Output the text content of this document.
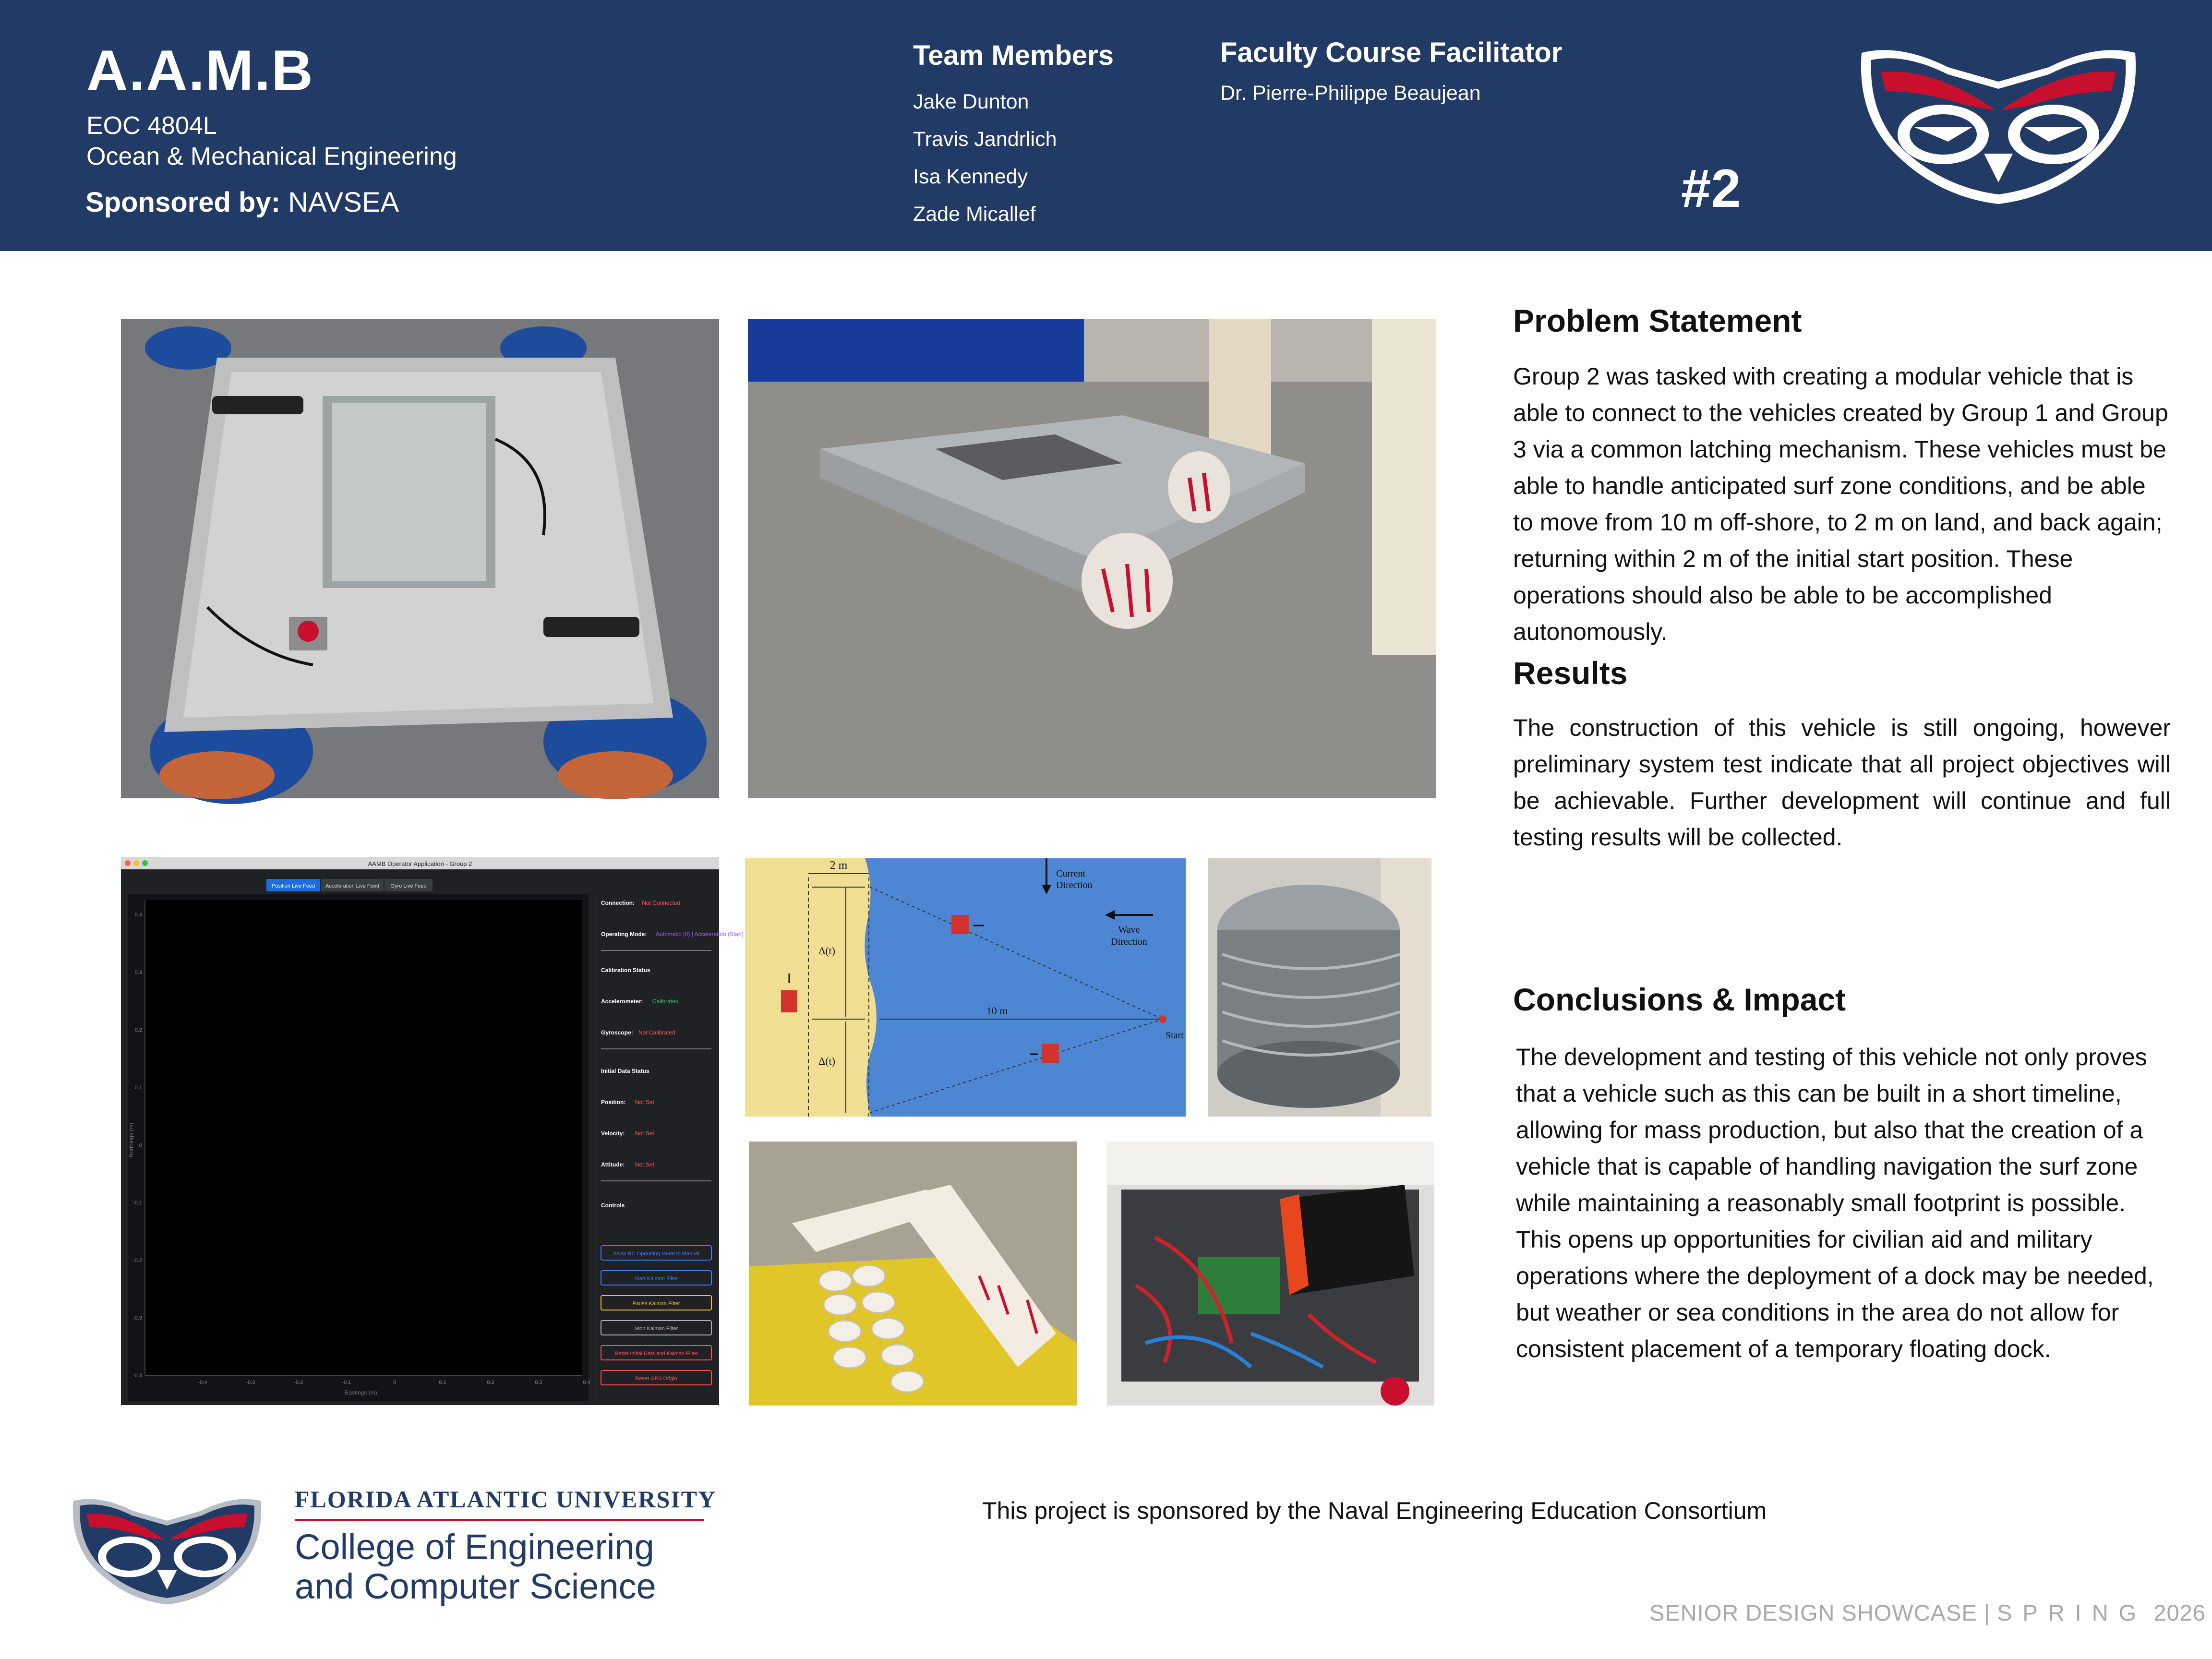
A.A.M.B
EOC 4804L
Ocean & Mechanical Engineering
Sponsored by: NAVSEA
Team Members
Jake Dunton
Travis Jandrlich
Isa Kennedy
Zade Micallef
Faculty Course Facilitator
Dr. Pierre-Philippe Beaujean
#2
AAMB Operator Application - Group 2
Position Live Feed Acceleration Live Feed Gyro Live Feed
0.4
0.3
0.2
0.1
0
-0.1
-0.2
-0.3
-0.4
-0.4	-0.3	-0.2	-0.1	0	0.1	0.2	0.3	0.4
Northings (m)
Eastings (m)
Connection: Not Connected
Operating Mode: Automatic (0) | Acceleration (Start)
Calibration Status
Accelerometer: Calibrated
Gyroscope: Not Calibrated
Initial Data Status
Position: Not Set
Velocity: Not Set
Attitude: Not Set
Controls
Swap RC Operating Mode to Manual
Start Kalman Filter
Pause Kalman Filter
Stop Kalman Filter
Reset Initial Data and Kalman Filter
Reset GPS Origin
2 m
Δ(t)
Δ(t)
10 m
Start
Current
Direction
Wave
Direction
Problem Statement
Group 2 was tasked with creating a modular vehicle that is able to connect to the vehicles created by Group 1 and Group 3 via a common latching mechanism. These vehicles must be able to handle anticipated surf zone conditions, and be able to move from 10 m off-shore, to 2 m on land, and back again; returning within 2 m of the initial start position. These operations should also be able to be accomplished autonomously.
Results
The construction of this vehicle is still ongoing, however preliminary system test indicate that all project objectives will be achievable. Further development will continue and full testing results will be collected.
Conclusions & Impact
The development and testing of this vehicle not only proves that a vehicle such as this can be built in a short timeline, allowing for mass production, but also that the creation of a vehicle that is capable of handling navigation the surf zone while maintaining a reasonably small footprint is possible. This opens up opportunities for civilian aid and military operations where the deployment of a dock may be needed, but weather or sea conditions in the area do not allow for consistent placement of a temporary floating dock.
FLORIDA ATLANTIC UNIVERSITY
College of Engineering
and Computer Science
This project is sponsored by the Naval Engineering Education Consortium
SENIOR DESIGN SHOWCASE | SPRING 2026
